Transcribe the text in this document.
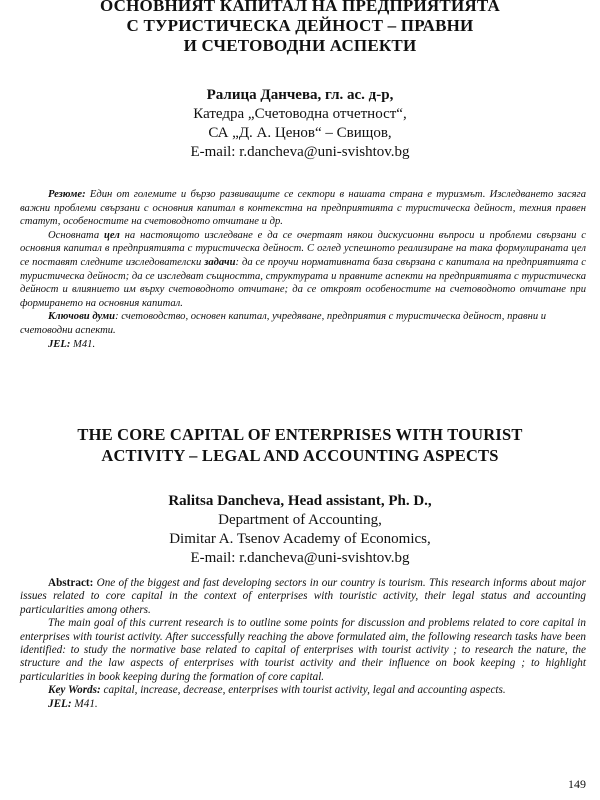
ОСНОВНИЯТ КАПИТАЛ НА ПРЕДПРИЯТИЯТА
С ТУРИСТИЧЕСКА ДЕЙНОСТ – ПРАВНИ
И СЧЕТОВОДНИ АСПЕКТИ
Ралица Данчева, гл. ас. д-р,
Катедра „Счетоводна отчетност“,
СА „Д. А. Ценов“ – Свищов,
E-mail: r.dancheva@uni-svishtov.bg

Резюме: Един от големите и бързо развиващите се сектори в нашата страна е туризмът. Изследването засяга важни проблеми свързани с основния капитал в контекстна на предприятията с туристическа дейност, техния правен статут, особеностите на счетоводното отчитане и др.

Основната цел на настоящото изследване е да се очертаят някои дискусионни въпроси и проблеми свързани с основния капитал в предприятията с туристическа дейност. С оглед успешното реализиране на така формулираната цел се поставят следните изследователски задачи: да се проучи нормативната база свързана с капитала на предприятията с туристическа дейност; да се изследват същността, структурата и правните аспекти на предприятията с туристическа дейност и влиянието им върху счетоводното отчитане; да се откроят особеностите на счетоводното отчитане при формирането на основния капитал.

Ключови думи: счетоводство, основен капитал, учредяване, предприятия с туристическа дейност, правни и счетоводни аспекти.

JEL: M41.

THE CORE CAPITAL OF ENTERPRISES WITH TOURIST
ACTIVITY – LEGAL AND ACCOUNTING ASPECTS
Ralitsa Dancheva, Head assistant, Ph. D.,
Department of Accounting,
Dimitar A. Tsenov Academy of Economics,
E-mail: r.dancheva@uni-svishtov.bg

Abstract: One of the biggest and fast developing sectors in our country is tourism. This research informs about major issues related to core capital in the context of enterprises with touristic activity, their legal status and accounting particularities among others.

The main goal of this current research is to outline some points for discussion and problems related to core capital in enterprises with tourist activity. After successfully reaching the above formulated aim, the following research tasks have been identified: to study the normative base related to capital of enterprises with tourist activity ; to research the nature, the structure and the law aspects of enterprises with tourist activity and their influence on book keeping ; to highlight particularities in book keeping during the formation of core capital.

Key Words: capital, increase, decrease, enterprises with tourist activity, legal and accounting aspects.

JEL: M41.

149
